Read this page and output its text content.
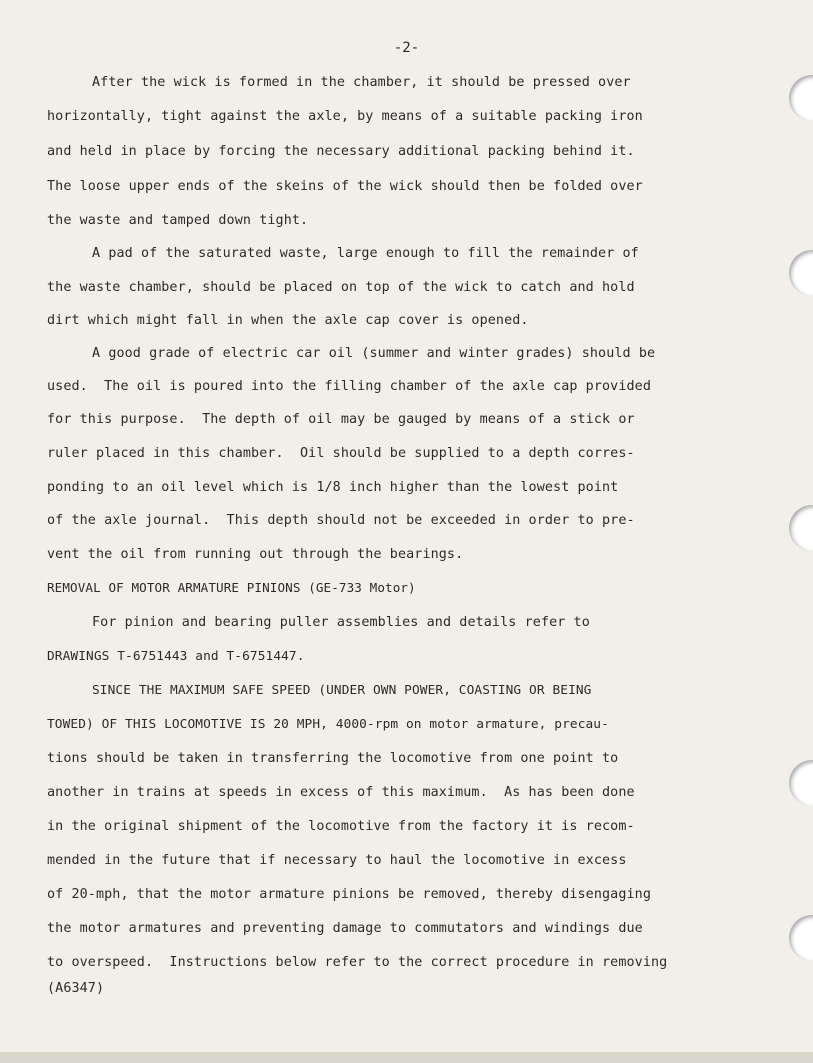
-2-
After the wick is formed in the chamber, it should be pressed over
horizontally, tight against the axle, by means of a suitable packing iron
and held in place by forcing the necessary additional packing behind it.
The loose upper ends of the skeins of the wick should then be folded over
the waste and tamped down tight.
A pad of the saturated waste, large enough to fill the remainder of
the waste chamber, should be placed on top of the wick to catch and hold
dirt which might fall in when the axle cap cover is opened.
A good grade of electric car oil (summer and winter grades) should be
used.  The oil is poured into the filling chamber of the axle cap provided
for this purpose.  The depth of oil may be gauged by means of a stick or
ruler placed in this chamber.  Oil should be supplied to a depth corres-
ponding to an oil level which is 1/8 inch higher than the lowest point
of the axle journal.  This depth should not be exceeded in order to pre-
vent the oil from running out through the bearings.
REMOVAL OF MOTOR ARMATURE PINIONS (GE-733 Motor)
For pinion and bearing puller assemblies and details refer to
DRAWINGS T-6751443 and T-6751447.
SINCE THE MAXIMUM SAFE SPEED (UNDER OWN POWER, COASTING OR BEING
TOWED) OF THIS LOCOMOTIVE IS 20 MPH, 4000-rpm on motor armature, precau-
tions should be taken in transferring the locomotive from one point to
another in trains at speeds in excess of this maximum.  As has been done
in the original shipment of the locomotive from the factory it is recom-
mended in the future that if necessary to haul the locomotive in excess
of 20-mph, that the motor armature pinions be removed, thereby disengaging
the motor armatures and preventing damage to commutators and windings due
to overspeed.  Instructions below refer to the correct procedure in removing
(A6347)
